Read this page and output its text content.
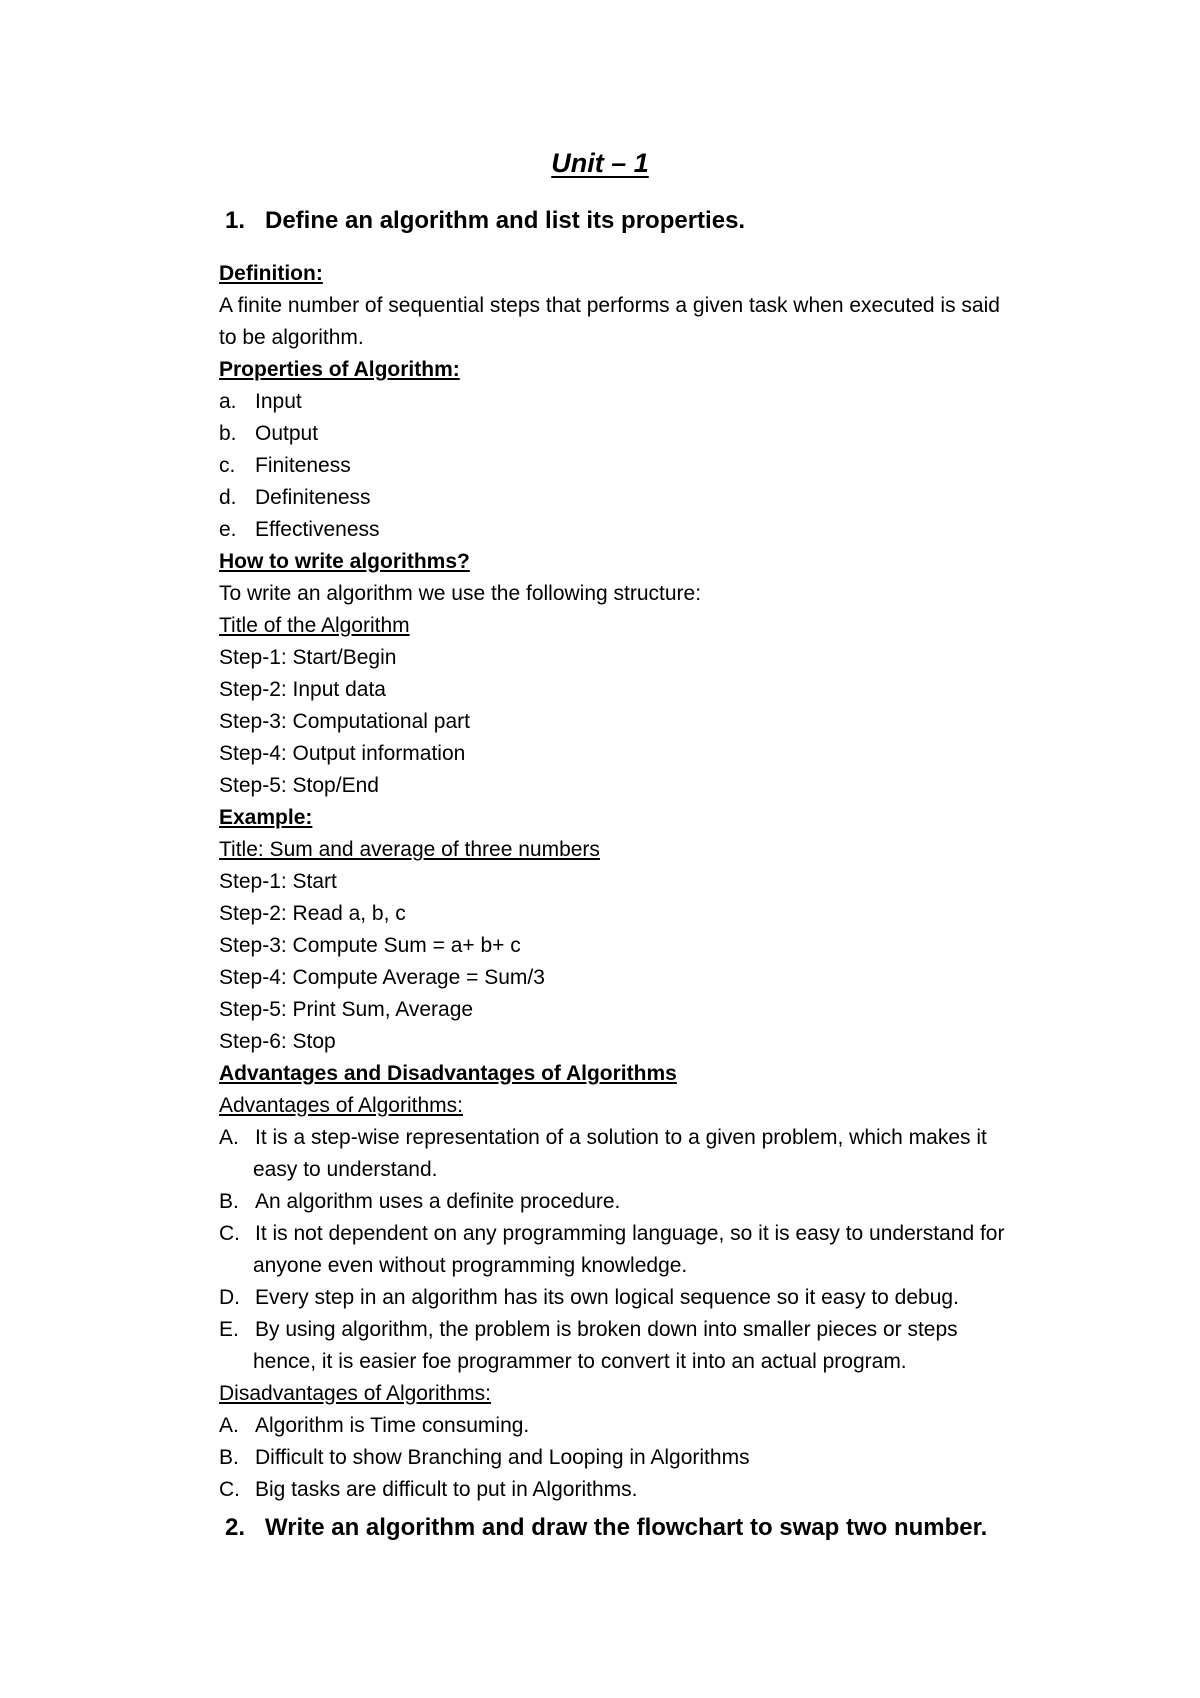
Unit – 1
1. Define an algorithm and list its properties.
Definition:
A finite number of sequential steps that performs a given task when executed is said
to be algorithm.
Properties of Algorithm:
a. Input
b. Output
c. Finiteness
d. Definiteness
e. Effectiveness
How to write algorithms?
To write an algorithm we use the following structure:
Title of the Algorithm
Step-1: Start/Begin
Step-2: Input data
Step-3: Computational part
Step-4: Output information
Step-5: Stop/End
Example:
Title: Sum and average of three numbers
Step-1: Start
Step-2: Read a, b, c
Step-3: Compute Sum = a+ b+ c
Step-4: Compute Average = Sum/3
Step-5: Print Sum, Average
Step-6: Stop
Advantages and Disadvantages of Algorithms
Advantages of Algorithms:
A. It is a step-wise representation of a solution to a given problem, which makes it
easy to understand.
B. An algorithm uses a definite procedure.
C. It is not dependent on any programming language, so it is easy to understand for
anyone even without programming knowledge.
D. Every step in an algorithm has its own logical sequence so it easy to debug.
E. By using algorithm, the problem is broken down into smaller pieces or steps
hence, it is easier foe programmer to convert it into an actual program.
Disadvantages of Algorithms:
A. Algorithm is Time consuming.
B. Difficult to show Branching and Looping in Algorithms
C. Big tasks are difficult to put in Algorithms.
2. Write an algorithm and draw the flowchart to swap two number.
